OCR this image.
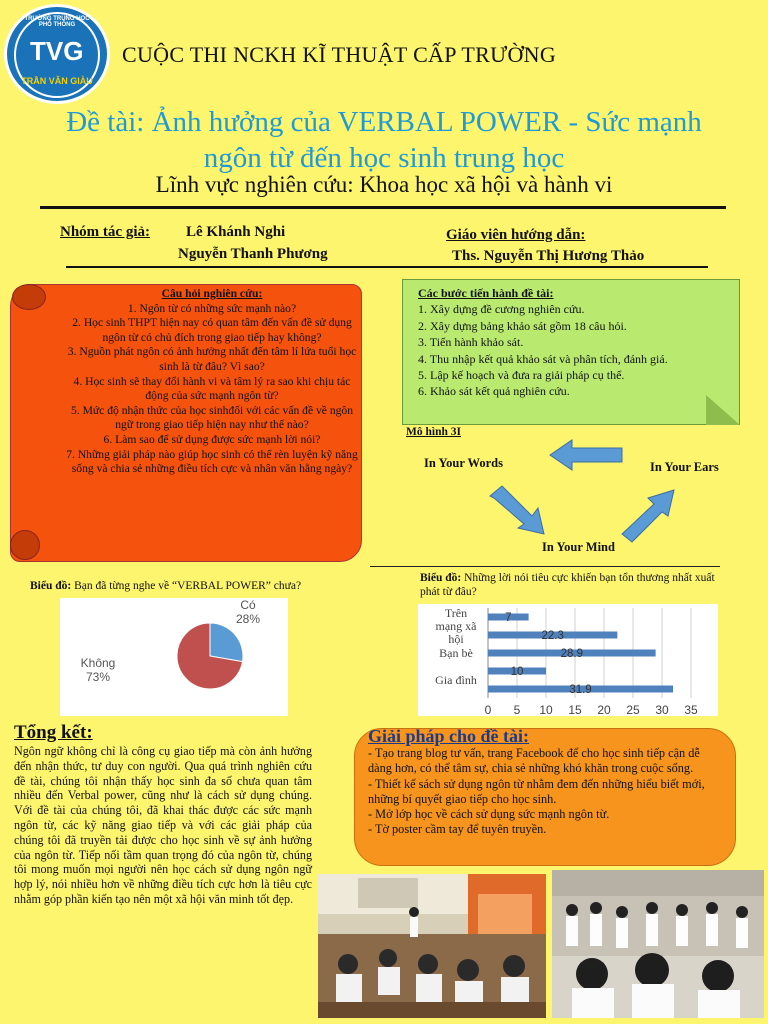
TRƯỜNG TRUNG HỌC PHỔ THÔNG
TVG
TRẦN VĂN GIÀU
CUỘC THI NCKH KĨ THUẬT CẤP TRƯỜNG
Đề tài: Ảnh hưởng của VERBAL POWER - Sức mạnh
ngôn từ đến học sinh trung học
Lĩnh vực nghiên cứu: Khoa học xã hội và hành vi
Nhóm tác giả: Lê Khánh Nghi
Nguyễn Thanh Phương
Giáo viên hướng dẫn:
Ths. Nguyễn Thị Hương Thảo
Câu hỏi nghiên cứu:
1. Ngôn từ có những sức mạnh nào?
2. Học sinh THPT hiện nay có quan tâm đến vấn đề sử dụng ngôn từ có chủ đích trong giao tiếp hay không?
3. Nguồn phát ngôn có ảnh hưởng nhất đến tâm lí lứa tuổi học sinh là từ đâu? Vì sao?
4. Học sinh sẽ thay đổi hành vi và tâm lý ra sao khi chịu tác động của sức mạnh ngôn từ?
5. Mức độ nhận thức của học sinhđối với các vấn đề về ngôn ngữ trong giao tiếp hiện nay như thế nào?
6. Làm sao để sử dụng được sức mạnh lời nói?
7. Những giải pháp nào giúp học sinh có thể rèn luyện kỹ năng sống và chia sẻ những điều tích cực và nhân văn hằng ngày?
Các bước tiến hành đề tài:
1. Xây dựng đề cương nghiên cứu.
2. Xây dựng bảng khảo sát gồm 18 câu hỏi.
3. Tiến hành khảo sát.
4. Thu nhập kết quả khảo sát và phân tích, đánh giá.
5. Lập kế hoạch và đưa ra giải pháp cụ thể.
6. Khảo sát kết quả nghiên cứu.
Mô hình 3I
In Your Words	In Your Ears
In Your Mind
Biểu đồ: Bạn đã từng nghe về “VERBAL POWER” chưa?
Có
28%
Không
73%
Biểu đồ: Những lời nói tiêu cực khiến bạn tổn thương nhất xuất phát từ đâu?
0 5 10 15 20 25 30 35
7
22.3
28.9
10
31.9
Trên mạng xã hội
Bạn bè
Gia đình
Tổng kết:
Ngôn ngữ không chỉ là công cụ giao tiếp mà còn ảnh hưởng đến nhận thức, tư duy con người. Qua quá trình nghiên cứu đề tài, chúng tôi nhận thấy học sinh đa số chưa quan tâm nhiều đến Verbal power, cũng như là cách sử dụng chúng. Với đề tài của chúng tôi, đã khai thác được các sức mạnh ngôn từ, các kỹ năng giao tiếp và với các giải pháp của chúng tôi đã truyền tải được cho học sinh về sự ảnh hưởng của ngôn từ. Tiếp nối tầm quan trọng đó của ngôn từ, chúng tôi mong muốn mọi người nên học cách sử dụng ngôn ngữ hợp lý, nói nhiều hơn về những điều tích cực hơn là tiêu cực nhằm góp phần kiến tạo nên một xã hội văn minh tốt đẹp.
Giải pháp cho đề tài:
- Tạo trang blog tư vấn, trang Facebook để cho học sinh tiếp cận dễ dàng hơn, có thể tâm sự, chia sẻ những khó khăn trong cuộc sống.
- Thiết kế sách sử dụng ngôn từ nhằm đem đến những hiểu biết mới, những bí quyết giao tiếp cho học sinh.
- Mở lớp học về cách sử dụng sức mạnh ngôn từ.
- Tờ poster cầm tay để tuyên truyền.
